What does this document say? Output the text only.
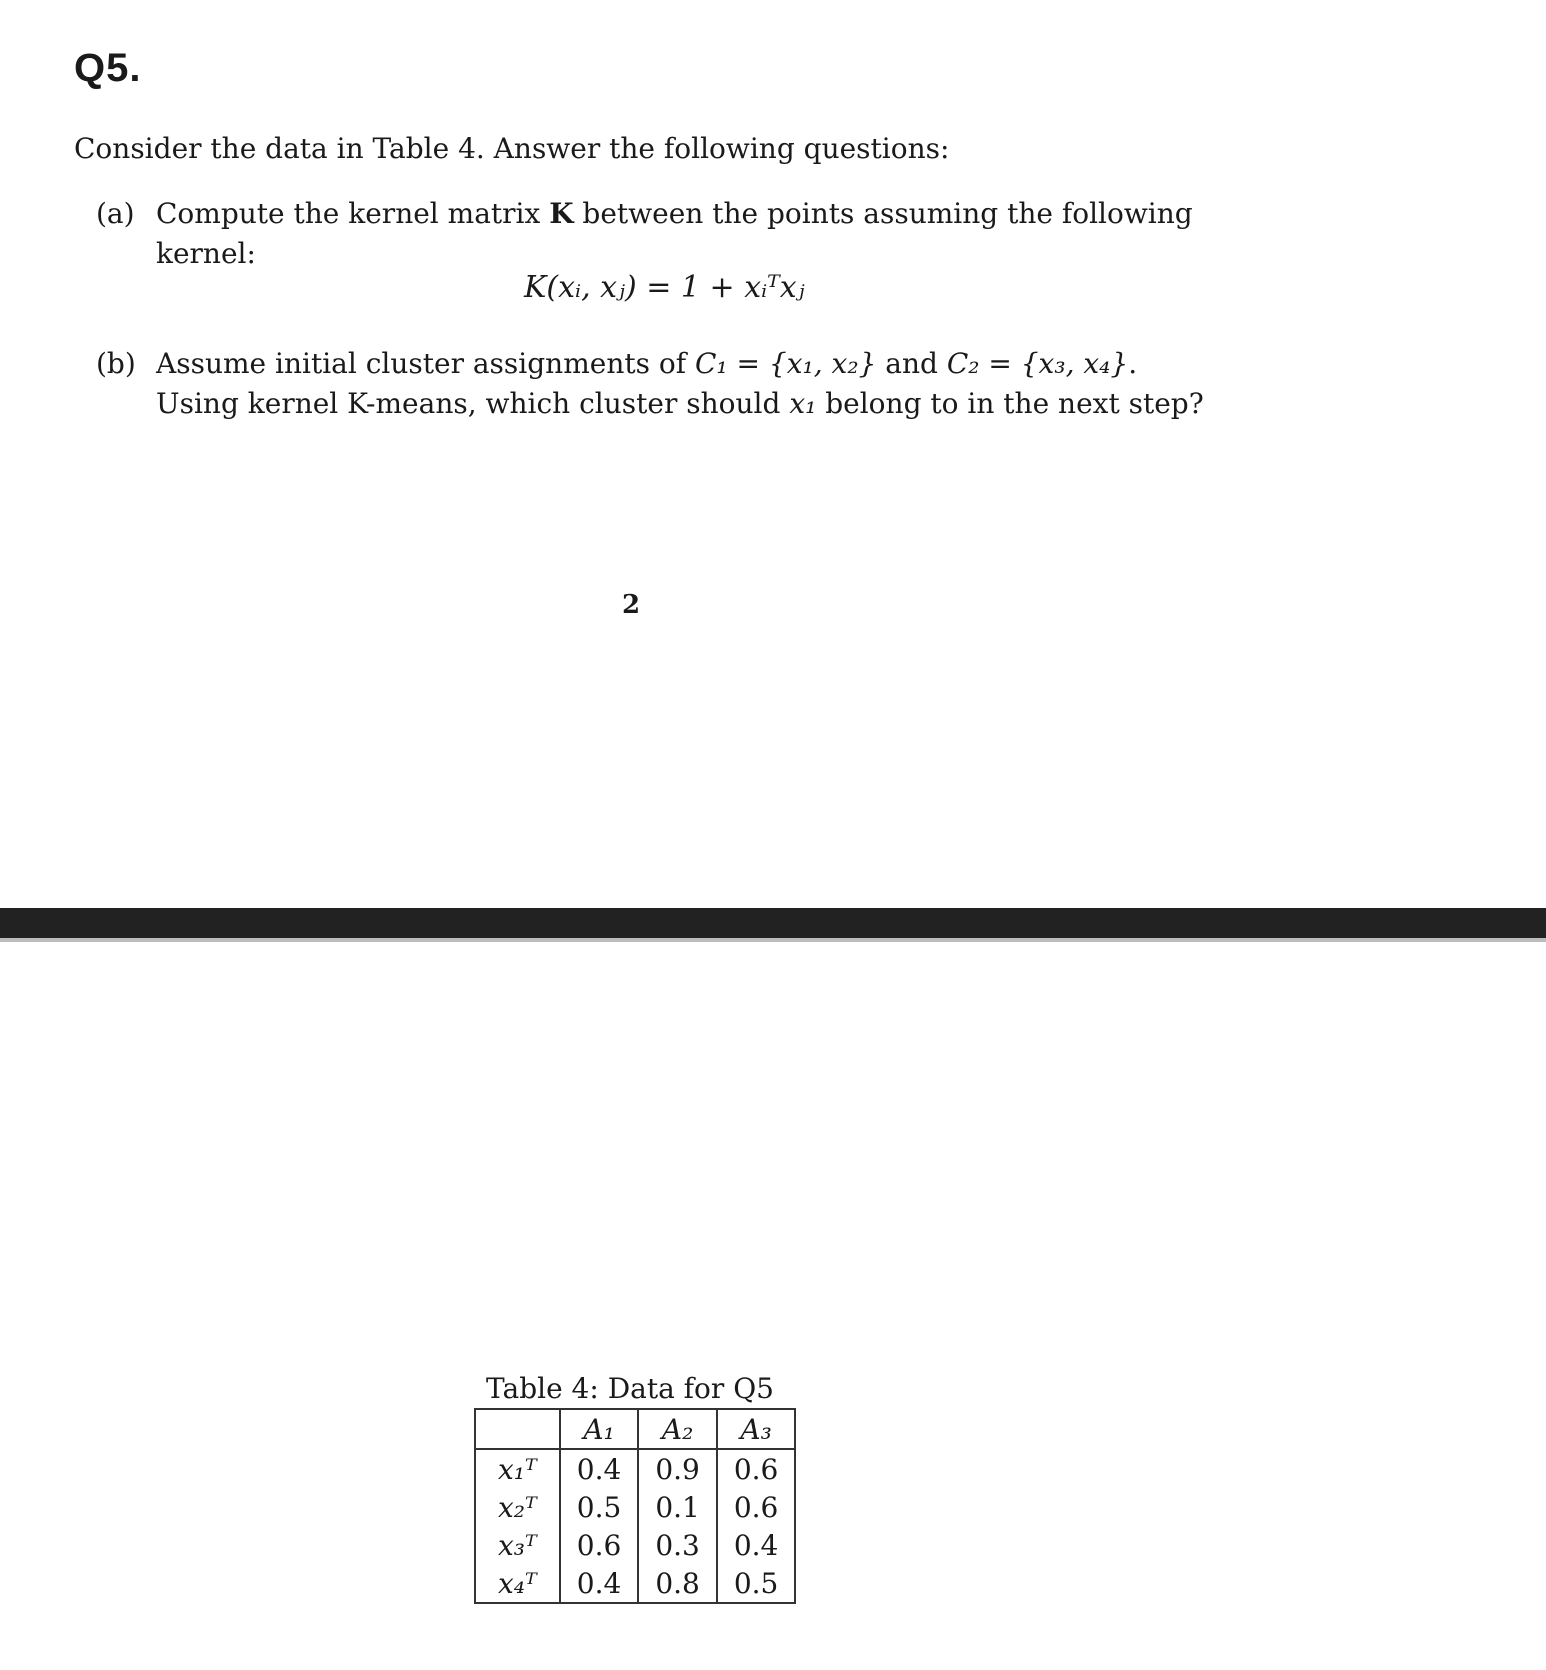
Q5.
Consider the data in Table 4. Answer the following questions:
(a) Compute the kernel matrix K between the points assuming the following kernel:
K(xᵢ, xⱼ) = 1 + xᵢᵀxⱼ
(b) Assume initial cluster assignments of C₁ = {x₁, x₂} and C₂ = {x₃, x₄}. Using kernel K-means, which cluster should x₁ belong to in the next step?
2
Table 4: Data for Q5
	A₁	A₂	A₃
x₁ᵀ	0.4	0.9	0.6
x₂ᵀ	0.5	0.1	0.6
x₃ᵀ	0.6	0.3	0.4
x₄ᵀ	0.4	0.8	0.5
